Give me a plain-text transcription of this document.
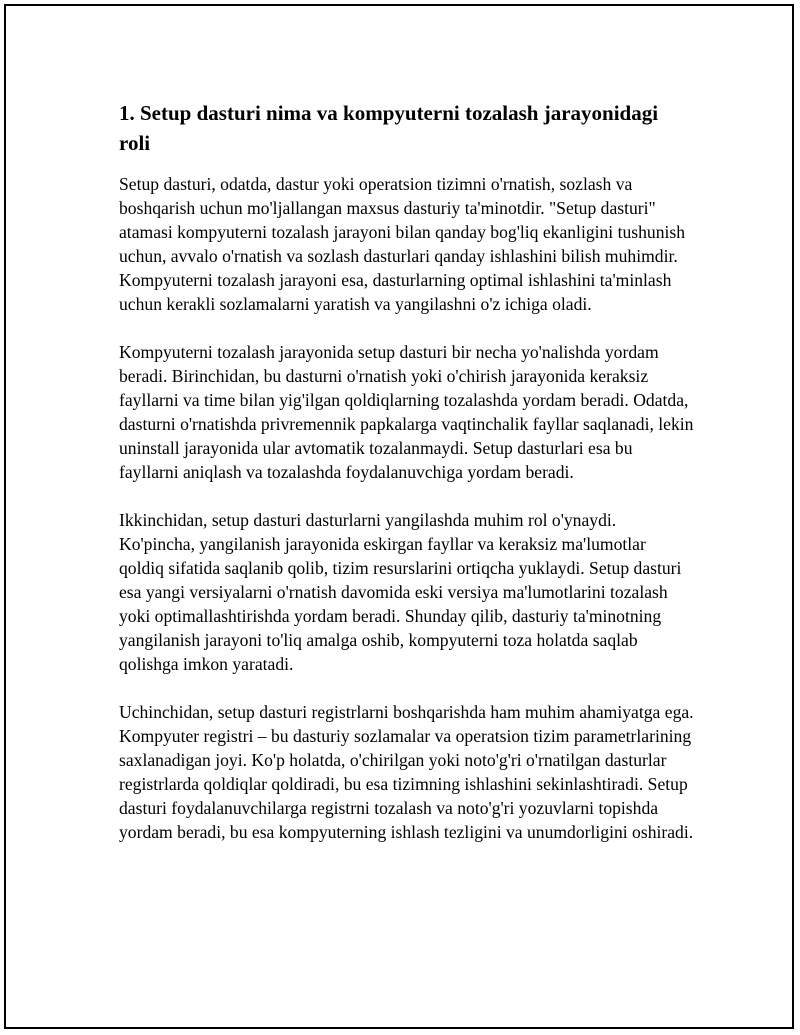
1. Setup dasturi nima va kompyuterni tozalash jarayonidagi roli

Setup dasturi, odatda, dastur yoki operatsion tizimni o'rnatish, sozlash va boshqarish uchun mo'ljallangan maxsus dasturiy ta'minotdir. "Setup dasturi" atamasi kompyuterni tozalash jarayoni bilan qanday bog'liq ekanligini tushunish uchun, avvalo o'rnatish va sozlash dasturlari qanday ishlashini bilish muhimdir. Kompyuterni tozalash jarayoni esa, dasturlarning optimal ishlashini ta'minlash uchun kerakli sozlamalarni yaratish va yangilashni o'z ichiga oladi.

Kompyuterni tozalash jarayonida setup dasturi bir necha yo'nalishda yordam beradi. Birinchidan, bu dasturni o'rnatish yoki o'chirish jarayonida keraksiz fayllarni va time bilan yig'ilgan qoldiqlarning tozalashda yordam beradi. Odatda, dasturni o'rnatishda privremennik papkalarga vaqtinchalik fayllar saqlanadi, lekin uninstall jarayonida ular avtomatik tozalanmaydi. Setup dasturlari esa bu fayllarni aniqlash va tozalashda foydalanuvchiga yordam beradi.

Ikkinchidan, setup dasturi dasturlarni yangilashda muhim rol o'ynaydi. Ko'pincha, yangilanish jarayonida eskirgan fayllar va keraksiz ma'lumotlar qoldiq sifatida saqlanib qolib, tizim resurslarini ortiqcha yuklaydi. Setup dasturi esa yangi versiyalarni o'rnatish davomida eski versiya ma'lumotlarini tozalash yoki optimallashtirishda yordam beradi. Shunday qilib, dasturiy ta'minotning yangilanish jarayoni to'liq amalga oshib, kompyuterni toza holatda saqlab qolishga imkon yaratadi.

Uchinchidan, setup dasturi registrlarni boshqarishda ham muhim ahamiyatga ega. Kompyuter registri – bu dasturiy sozlamalar va operatsion tizim parametrlarining saxlanadigan joyi. Ko'p holatda, o'chirilgan yoki noto'g'ri o'rnatilgan dasturlar registrlarda qoldiqlar qoldiradi, bu esa tizimning ishlashini sekinlashtiradi. Setup dasturi foydalanuvchilarga registrni tozalash va noto'g'ri yozuvlarni topishda yordam beradi, bu esa kompyuterning ishlash tezligini va unumdorligini oshiradi.
